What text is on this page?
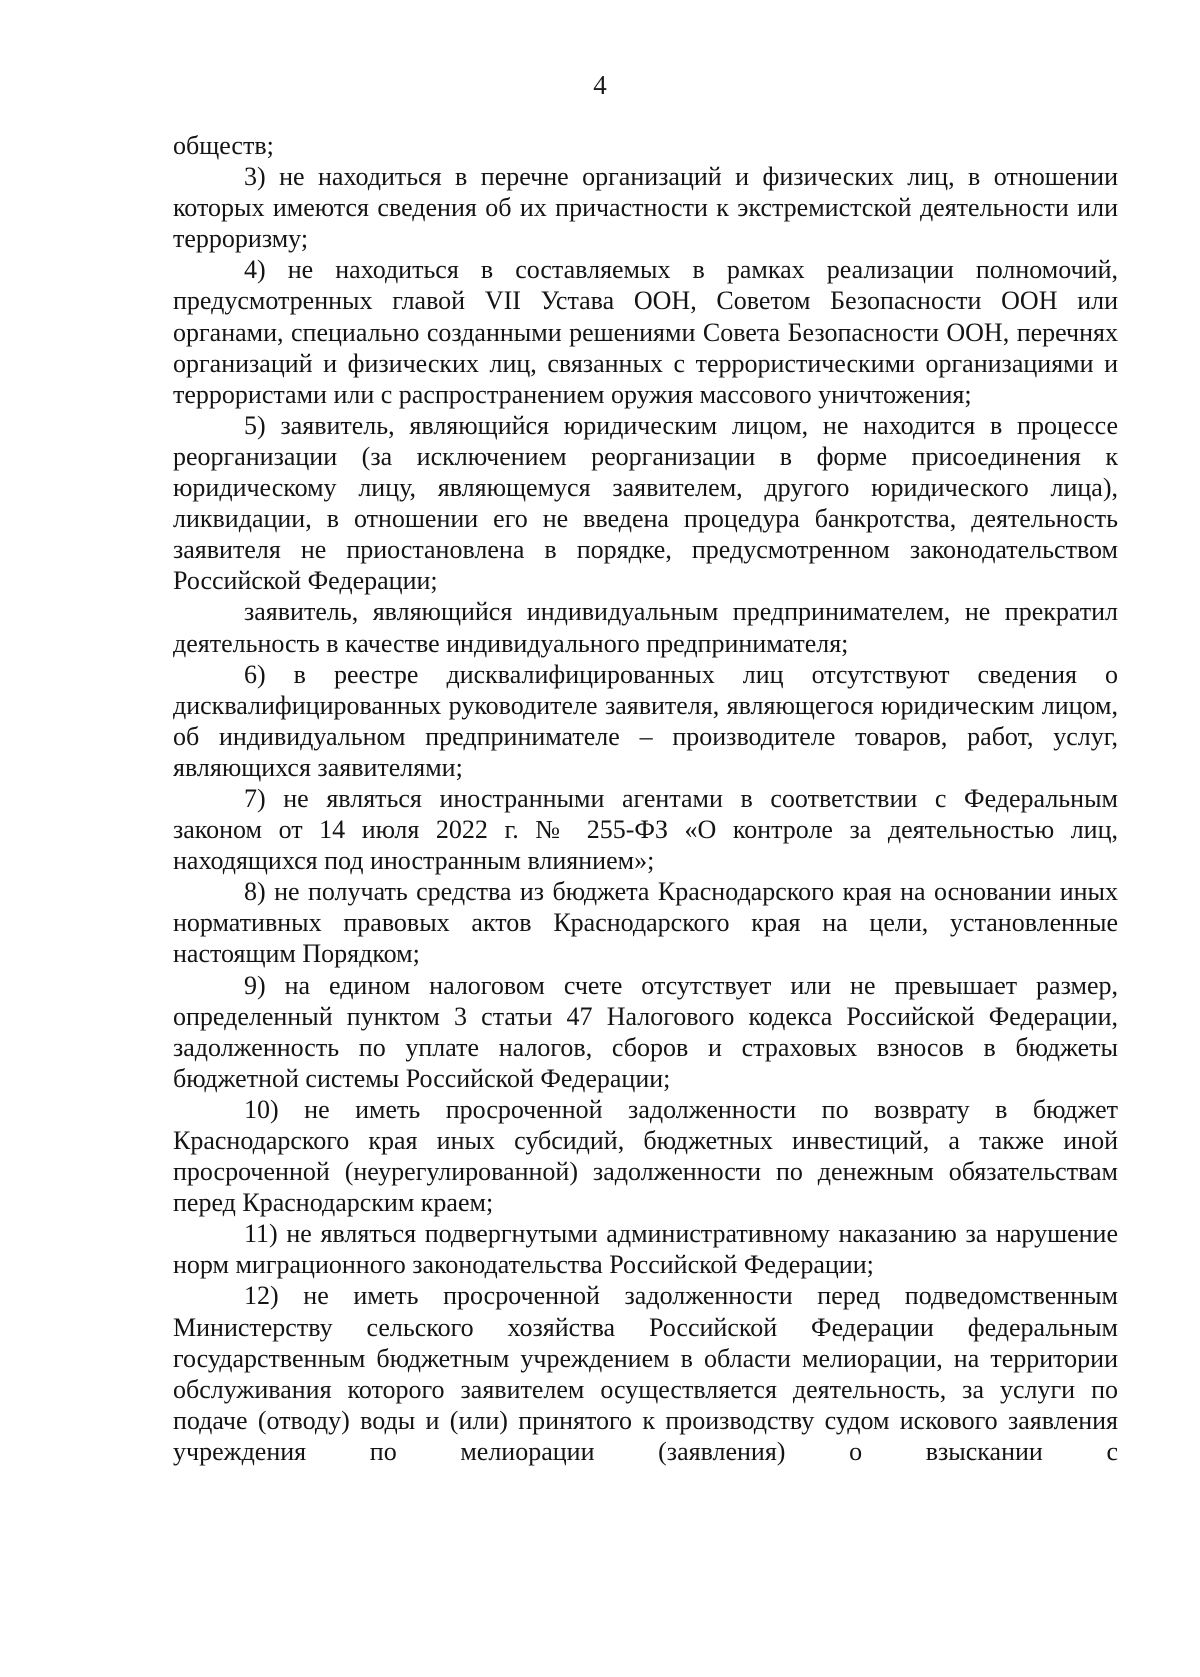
4

обществ;

3) не находиться в перечне организаций и физических лиц, в отношении которых имеются сведения об их причастности к экстремистской деятельности или терроризму;

4) не находиться в составляемых в рамках реализации полномочий, предусмотренных главой VII Устава ООН, Советом Безопасности ООН или органами, специально созданными решениями Совета Безопасности ООН, перечнях организаций и физических лиц, связанных с террористическими организациями и террористами или с распространением оружия массового уничтожения;

5) заявитель, являющийся юридическим лицом, не находится в процессе реорганизации (за исключением реорганизации в форме присоединения к юридическому лицу, являющемуся заявителем, другого юридического лица), ликвидации, в отношении его не введена процедура банкротства, деятельность заявителя не приостановлена в порядке, предусмотренном законодательством Российской Федерации;

заявитель, являющийся индивидуальным предпринимателем, не прекратил деятельность в качестве индивидуального предпринимателя;

6) в реестре дисквалифицированных лиц отсутствуют сведения о дисквалифицированных руководителе заявителя, являющегося юридическим лицом, об индивидуальном предпринимателе – производителе товаров, работ, услуг, являющихся заявителями;

7) не являться иностранными агентами в соответствии с Федеральным законом от 14 июля 2022 г. № 255-ФЗ «О контроле за деятельностью лиц, находящихся под иностранным влиянием»;

8) не получать средства из бюджета Краснодарского края на основании иных нормативных правовых актов Краснодарского края на цели, установленные настоящим Порядком;

9) на едином налоговом счете отсутствует или не превышает размер, определенный пунктом 3 статьи 47 Налогового кодекса Российской Федерации, задолженность по уплате налогов, сборов и страховых взносов в бюджеты бюджетной системы Российской Федерации;

10) не иметь просроченной задолженности по возврату в бюджет Краснодарского края иных субсидий, бюджетных инвестиций, а также иной просроченной (неурегулированной) задолженности по денежным обязательствам перед Краснодарским краем;

11) не являться подвергнутыми административному наказанию за нарушение норм миграционного законодательства Российской Федерации;

12) не иметь просроченной задолженности перед подведомственным Министерству сельского хозяйства Российской Федерации федеральным государственным бюджетным учреждением в области мелиорации, на территории обслуживания которого заявителем осуществляется деятельность, за услуги по подаче (отводу) воды и (или) принятого к производству судом искового заявления учреждения по мелиорации (заявления) о взыскании с
